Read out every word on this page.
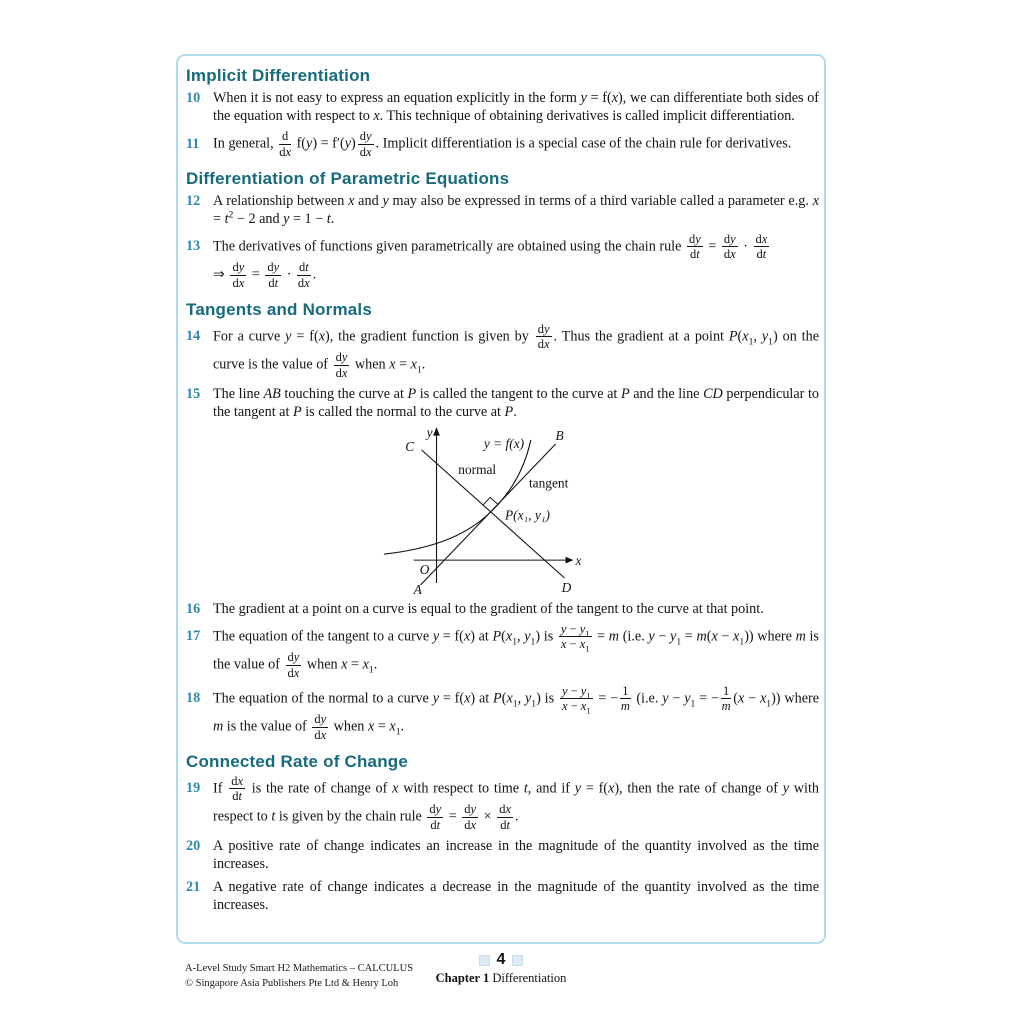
Implicit Differentiation
10 When it is not easy to express an equation explicitly in the form y = f(x), we can differentiate both sides of the equation with respect to x. This technique of obtaining derivatives is called implicit differentiation.
11 In general, $\frac{d}{dx} f(y) = f'(y) \frac{dy}{dx}$ . Implicit differentiation is a special case of the chain rule for derivatives.
Differentiation of Parametric Equations
12 A relationship between x and y may also be expressed in terms of a third variable called a parameter e.g. $x = t^2 - 2$ and y = 1 − t.
13 The derivatives of functions given parametrically are obtained using the chain rule $\frac{dy}{dt} = \frac{dy}{dx} \cdot \frac{dx}{dt}$

⇒ $\frac{dy}{dx} = \frac{dy}{dt} \cdot \frac{dt}{dx}$ .
Tangents and Normals
14 For a curve y = f(x), the gradient function is given by $\frac{dy}{dx}$ . Thus the gradient at a point $P(x_1$, $y_1$) on the curve is the value of $\frac{dy}{dx}$ when $x = x_1$.
15 The line AB touching the curve at P is called the tangent to the curve at P and the line CD perpendicular to the tangent at P is called the normal to the curve at P.
y
x
O
y = f(x)
normal
tangent
P(x₁, y₁)
A
B
C
D
16 The gradient at a point on a curve is equal to the gradient of the tangent to the curve at that point.
17 The equation of the tangent to a curve y = f(x) at $P(x_1$, $y_1$) is $\frac{y - y_1}{x - x_1} = m$ (i.e. $y - y_1 = m(x - x_1)$) where m is the value of $\frac{dy}{dx}$ when $x = x_1$.
18 The equation of the normal to a curve y = f(x) at $P(x_1$, $y_1$) is $\frac{y - y_1}{x - x_1}$ = − $\frac{1}{m} (i.e$. $y - y_1$ = − $\frac{1}{m} (x - x_1)$) where m is the value of $\frac{dy}{dx}$ when $x = x_1$.
Connected Rate of Change
19 If $\frac{dx}{dt}$ is the rate of change of x with respect to time t, and if y = f(x), then the rate of change of y with respect to t is given by the chain rule $\frac{dy}{dt} = \frac{dy}{dx} \times \frac{dx}{dt}$ .
20 A positive rate of change indicates an increase in the magnitude of the quantity involved as the time increases.
21 A negative rate of change indicates a decrease in the magnitude of the quantity involved as the time increases.
A-Level Study Smart H2 Mathematics – CALCULUS
© Singapore Asia Publishers Pte Ltd & Henry Loh
4
Chapter 1 Differentiation
